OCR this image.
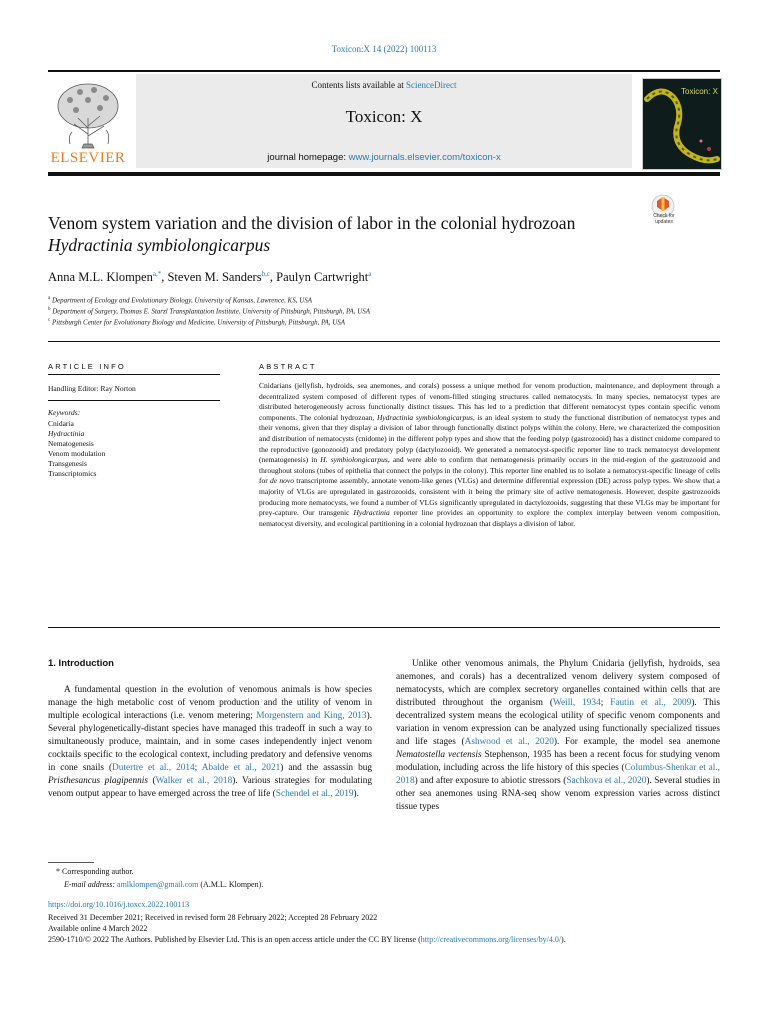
Toxicon:X 14 (2022) 100113
ELSEVIER
Contents lists available at ScienceDirect
Toxicon: X
journal homepage: www.journals.elsevier.com/toxicon-x
Toxicon: X
Venom system variation and the division of labor in the colonial hydrozoan
Hydractinia symbiolongicarpus
Check for
updates
Anna M.L. Klompen$^{a,*}$, Steven M. Sanders$^{b,c}$, Paulyn Cartwright$^a$
$^a$ Department of Ecology and Evolutionary Biology, University of Kansas, Lawrence, KS, USA
$^b$ Department of Surgery, Thomas E. Starzl Transplantation Institute, University of Pittsburgh, Pittsburgh, PA, USA
$^c$ Pittsburgh Center for Evolutionary Biology and Medicine, University of Pittsburgh, Pittsburgh, PA, USA
ARTICLE INFO
Handling Editor: Ray Norton
Keywords:
Cnidaria
Hydractinia
Nematogenesis
Venom modulation
Transgenesis
Transcriptomics
ABSTRACT
Cnidarians (jellyfish, hydroids, sea anemones, and corals) possess a unique method for venom production, maintenance, and deployment through a decentralized system composed of different types of venom-filled stinging structures called nematocysts. In many species, nematocyst types are distributed heterogeneously across functionally distinct tissues. This has led to a prediction that different nematocyst types contain specific venom components. The colonial hydrozoan, Hydractinia symbiolongicarpus, is an ideal system to study the functional distribution of nematocyst types and their venoms, given that they display a division of labor through functionally distinct polyps within the colony. Here, we characterized the composition and distribution of nematocysts (cnidome) in the different polyp types and show that the feeding polyp (gastrozooid) has a distinct cnidome compared to the reproductive (gonozooid) and predatory polyp (dactylozooid). We generated a nematocyst-specific reporter line to track nematocyst development (nematogenesis) in H. symbiolongicarpus, and were able to confirm that nematogenesis primarily occurs in the mid-region of the gastrozooid and throughout stolons (tubes of epithelia that connect the polyps in the colony). This reporter line enabled us to isolate a nematocyst-specific lineage of cells for de novo transcriptome assembly, annotate venom-like genes (VLGs) and determine differential expression (DE) across polyp types. We show that a majority of VLGs are upregulated in gastrozooids, consistent with it being the primary site of active nematogenesis. However, despite gastrozooids producing more nematocysts, we found a number of VLGs significantly upregulated in dactylozooids, suggesting that these VLGs may be important for prey-capture. Our transgenic Hydractinia reporter line provides an opportunity to explore the complex interplay between venom composition, nematocyst diversity, and ecological partitioning in a colonial hydrozoan that displays a division of labor.
1. Introduction

A fundamental question in the evolution of venomous animals is how species manage the high metabolic cost of venom production and the utility of venom in multiple ecological interactions (i.e. venom metering; Morgenstern and King, 2013). Several phylogenetically-distant species have managed this tradeoff in such a way to simultaneously produce, maintain, and in some cases independently inject venom cocktails specific to the ecological context, including predatory and defensive venoms in cone snails (Dutertre et al., 2014; Abalde et al., 2021) and the assassin bug Pristhesancus plagipennis (Walker et al., 2018). Various strategies for modulating venom output appear to have emerged across the tree of life (Schendel et al., 2019).

Unlike other venomous animals, the Phylum Cnidaria (jellyfish, hydroids, sea anemones, and corals) has a decentralized venom delivery system composed of nematocysts, which are complex secretory organelles contained within cells that are distributed throughout the organism (Weill, 1934; Fautin et al., 2009). This decentralized system means the ecological utility of specific venom components and variation in venom expression can be analyzed using functionally specialized tissues and life stages (Ashwood et al., 2020). For example, the model sea anemone Nematostella vectensis Stephenson, 1935 has been a recent focus for studying venom modulation, including across the life history of this species (Columbus-Shenkar et al., 2018) and after exposure to abiotic stressors (Sachkova et al., 2020). Several studies in other sea anemones using RNA-seq show venom expression varies across distinct tissue types

* Corresponding author.
E-mail address: amlklompen@gmail.com (A.M.L. Klompen).
https://doi.org/10.1016/j.toxcx.2022.100113
Received 31 December 2021; Received in revised form 28 February 2022; Accepted 28 February 2022
Available online 4 March 2022
2590-1710/© 2022 The Authors. Published by Elsevier Ltd. This is an open access article under the CC BY license (http://creativecommons.org/licenses/by/4.0/).
